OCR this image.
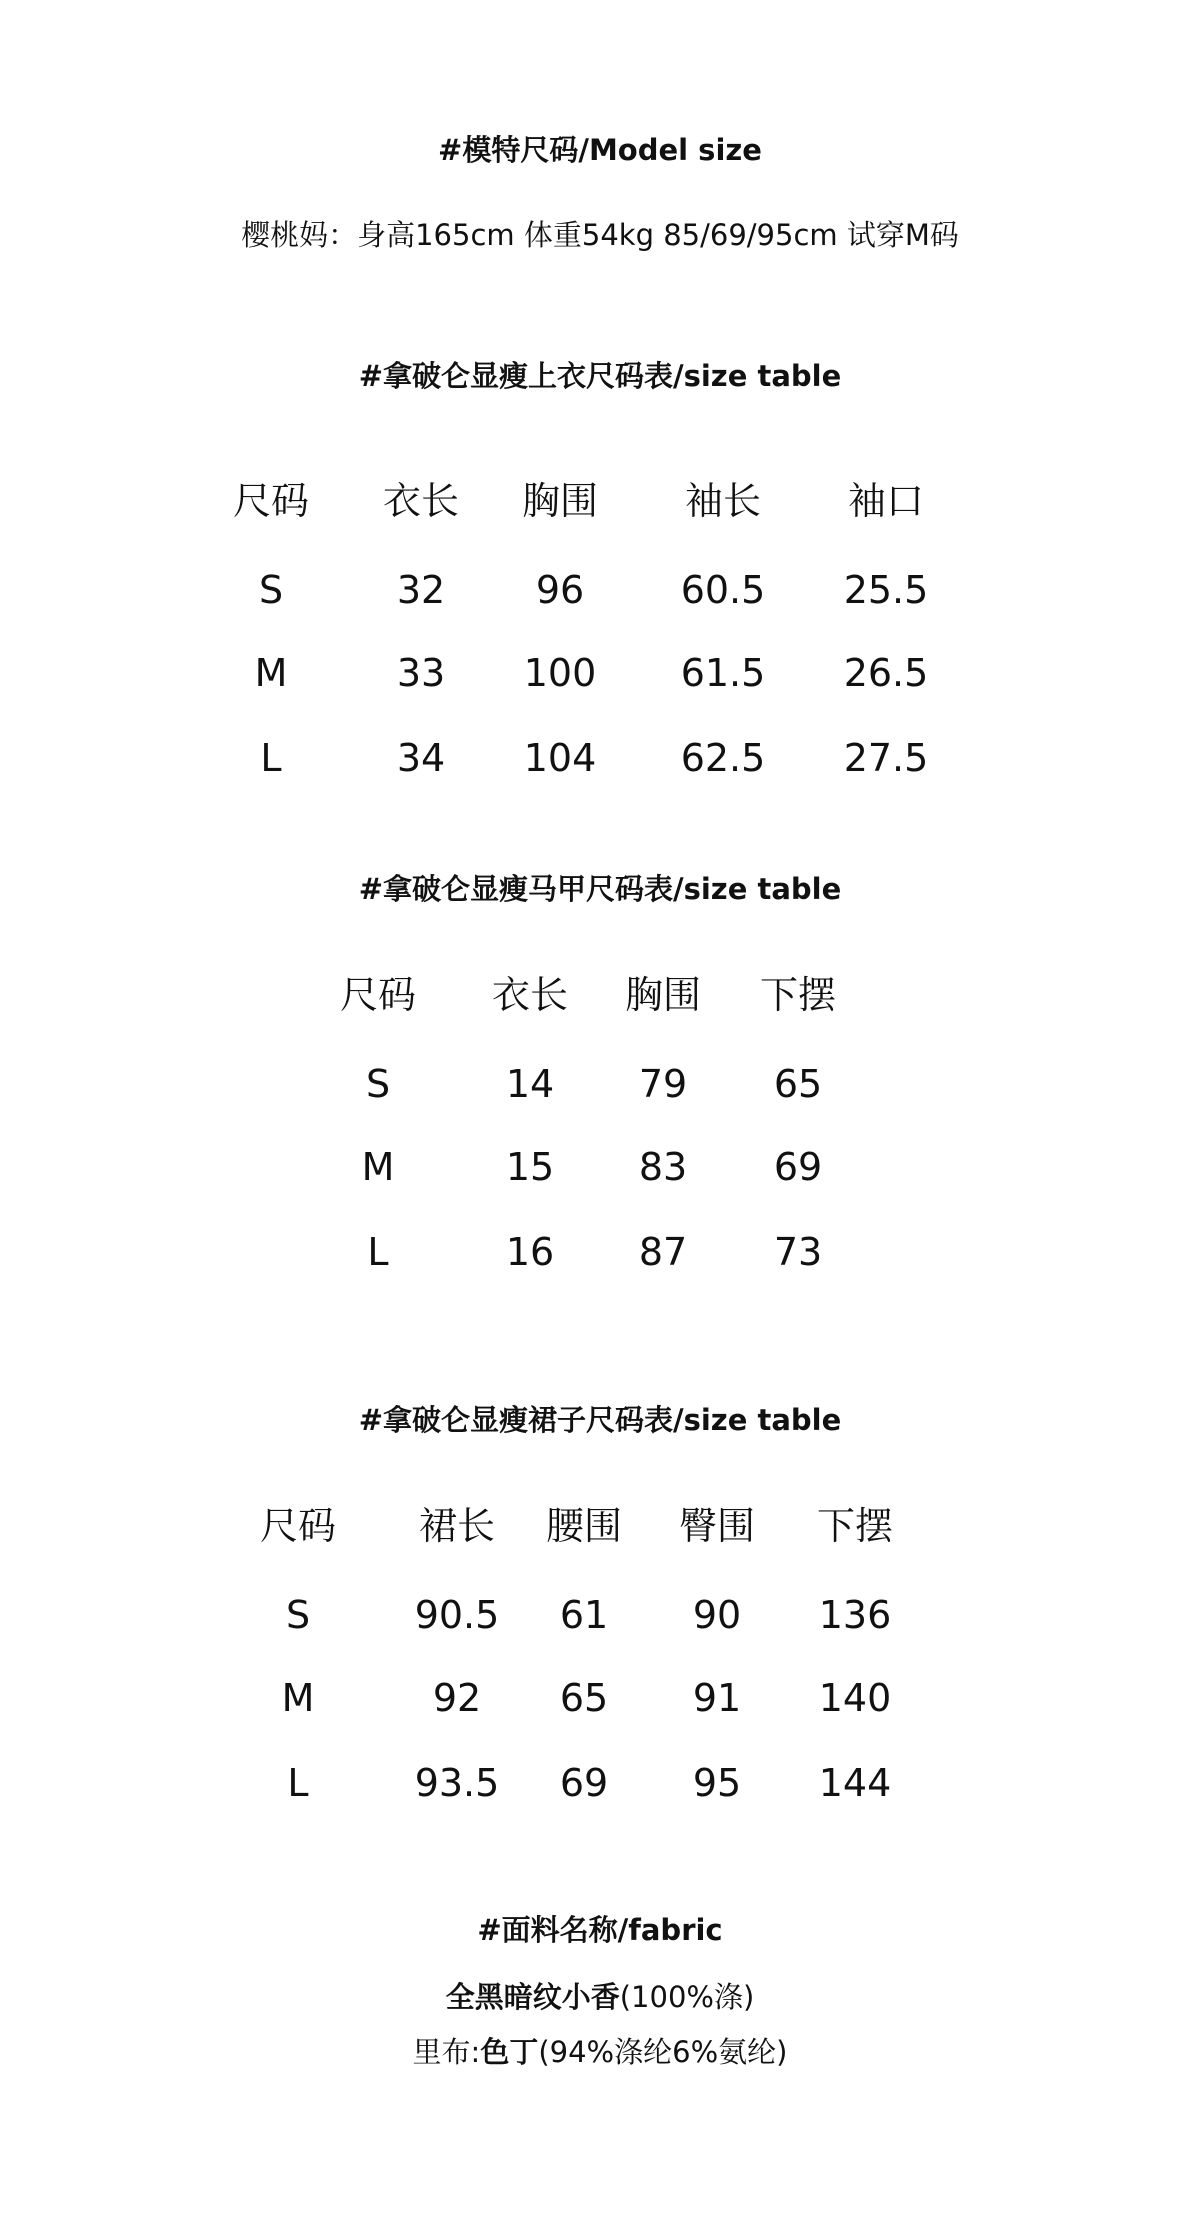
#模特尺码/Model size
樱桃妈：身高165cm 体重54kg 85/69/95cm 试穿M码
#拿破仑显瘦上衣尺码表/size table
尺码 衣长 胸围 袖长 袖口
S	32 96	60.5 25.5
M	33 100 61.5 26.5
L	34 104 62.5 27.5
#拿破仑显瘦马甲尺码表/size table
尺码 衣长 胸围 下摆
S	14 79 65
M	15 83 69
L	16 87 73
#拿破仑显瘦裙子尺码表/size table
尺码 裙长 腰围 臀围 下摆
S	90.5 61 90 136
M	92 65 91 140
L	93.5 69 95 144
#面料名称/fabric
全黑暗纹小香(100%涤)
里布:色丁(94%涤纶6%氨纶)
